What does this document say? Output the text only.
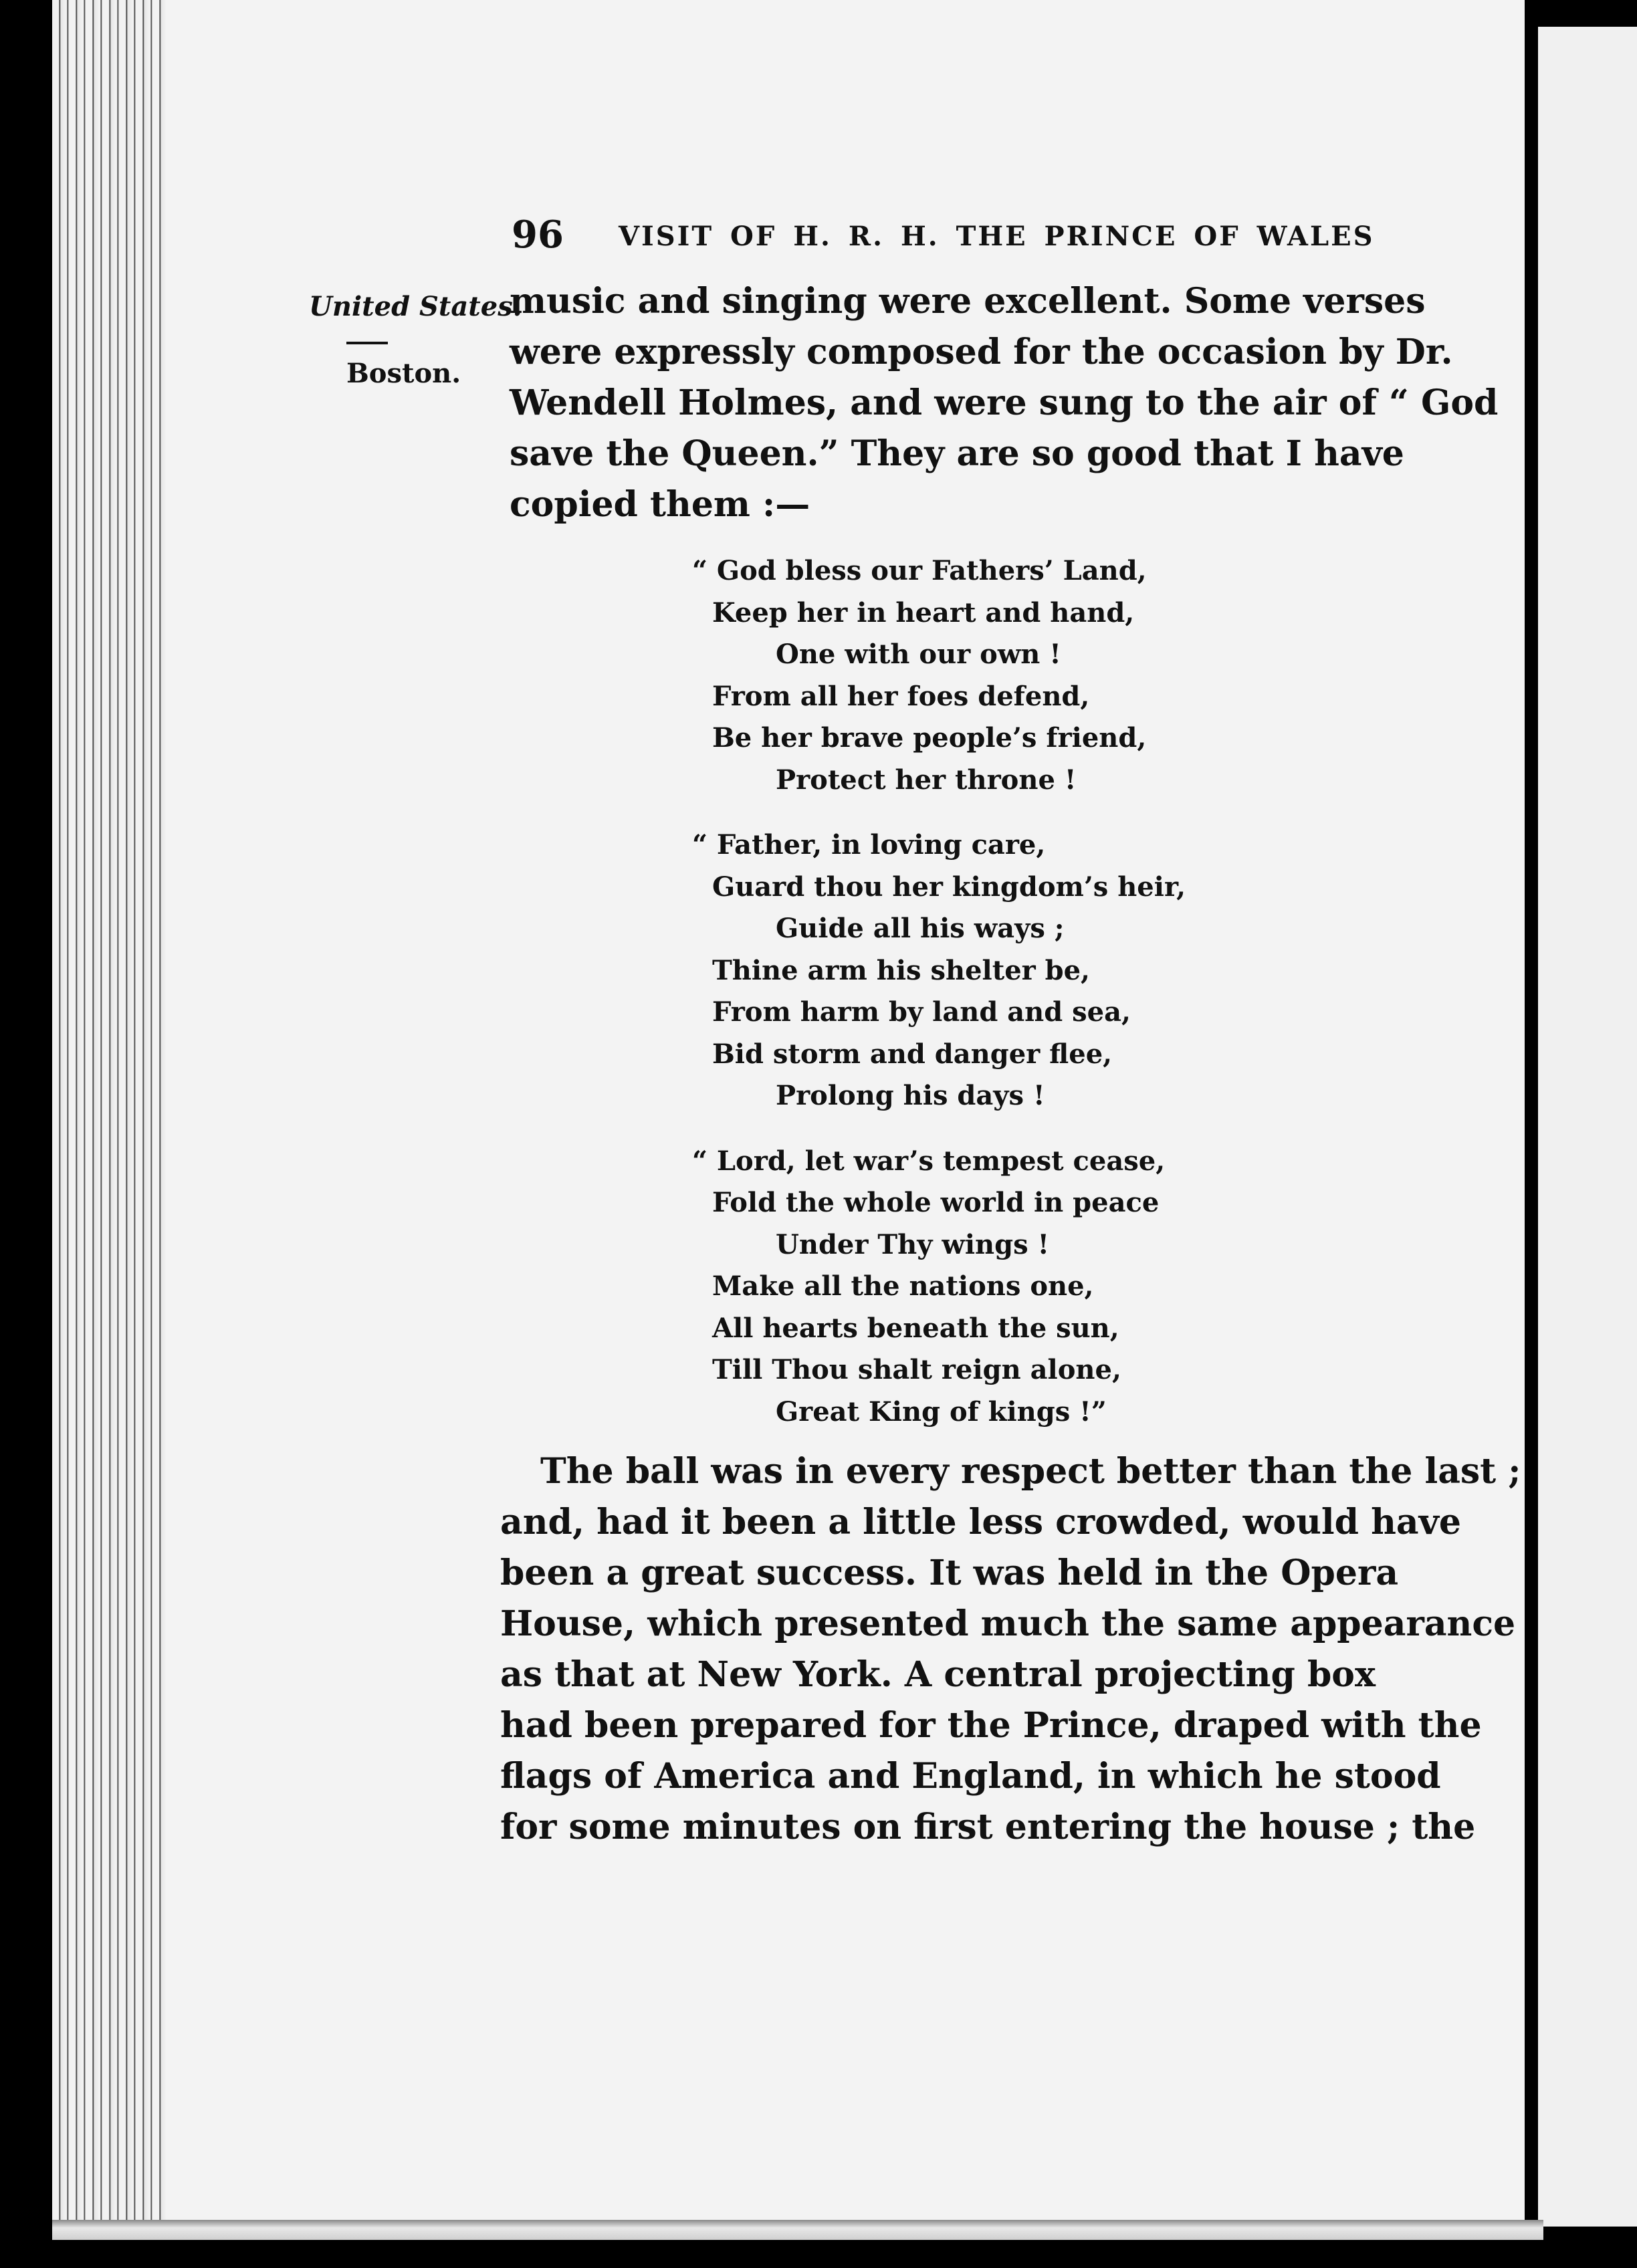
96 VISIT OF H. R. H. THE PRINCE OF WALES
United States.
Boston.
music and singing were excellent. Some verses
were expressly composed for the occasion by Dr.
Wendell Holmes, and were sung to the air of “ God
save the Queen.” They are so good that I have
copied them :—
“ God bless our Fathers’ Land,
Keep her in heart and hand,
One with our own !
From all her foes defend,
Be her brave people’s friend,
Protect her throne !
“ Father, in loving care,
Guard thou her kingdom’s heir,
Guide all his ways ;
Thine arm his shelter be,
From harm by land and sea,
Bid storm and danger flee,
Prolong his days !
“ Lord, let war’s tempest cease,
Fold the whole world in peace
Under Thy wings !
Make all the nations one,
All hearts beneath the sun,
Till Thou shalt reign alone,
Great King of kings !”
The ball was in every respect better than the last ;
and, had it been a little less crowded, would have
been a great success. It was held in the Opera
House, which presented much the same appearance
as that at New York. A central projecting box
had been prepared for the Prince, draped with the
flags of America and England, in which he stood
for some minutes on first entering the house ; the
